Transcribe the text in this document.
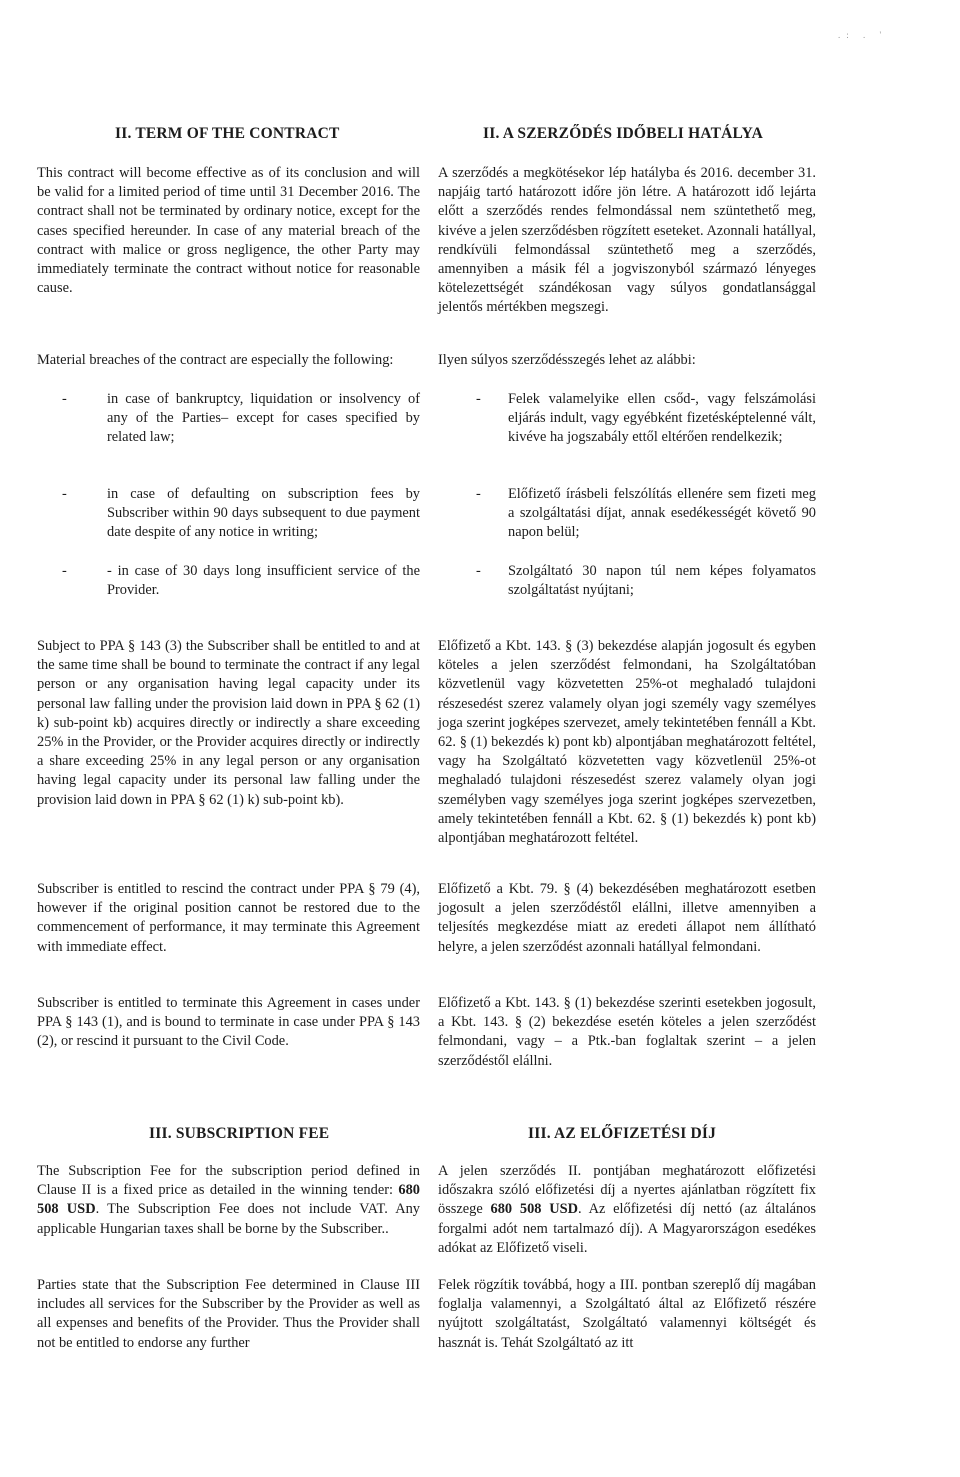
.: . '
II. TERM OF THE CONTRACT

This contract will become effective as of its conclusion and will be valid for a limited period of time until 31 December 2016. The contract shall not be terminated by ordinary notice, except for the cases specified hereunder. In case of any material breach of the contract with malice or gross negligence, the other Party may immediately terminate the contract without notice for reasonable cause.

Material breaches of the contract are especially the following:

-	in case of bankruptcy, liquidation or insolvency of any of the Parties– except for cases specified by related law;
-	in case of defaulting on subscription fees by Subscriber within 90 days subsequent to due payment date despite of any notice in writing;
-	- in case of 30 days long insufficient service of the Provider.

Subject to PPA § 143 (3) the Subscriber shall be entitled to and at the same time shall be bound to terminate the contract if any legal person or any organisation having legal capacity under its personal law falling under the provision laid down in PPA § 62 (1) k) sub-point kb) acquires directly or indirectly a share exceeding 25% in the Provider, or the Provider acquires directly or indirectly a share exceeding 25% in any legal person or any organisation having legal capacity under its personal law falling under the provision laid down in PPA § 62 (1) k) sub-point kb).

Subscriber is entitled to rescind the contract under PPA § 79 (4), however if the original position cannot be restored due to the commencement of performance, it may terminate this Agreement with immediate effect.

Subscriber is entitled to terminate this Agreement in cases under PPA § 143 (1), and is bound to terminate in case under PPA § 143 (2), or rescind it pursuant to the Civil Code.

III. SUBSCRIPTION FEE

The Subscription Fee for the subscription period defined in Clause II is a fixed price as detailed in the winning tender: 680 508 USD. The Subscription Fee does not include VAT. Any applicable Hungarian taxes shall be borne by the Subscriber..

Parties state that the Subscription Fee determined in Clause III includes all services for the Subscriber by the Provider as well as all expenses and benefits of the Provider. Thus the Provider shall not be entitled to endorse any further

II. A SZERZŐDÉS IDŐBELI HATÁLYA

A szerződés a megkötésekor lép hatályba és 2016. december 31. napjáig tartó határozott időre jön létre. A határozott idő lejárta előtt a szerződés rendes felmondással nem szüntethető meg, kivéve a jelen szerződésben rögzített eseteket. Azonnali hatállyal, rendkívüli felmondással szüntethető meg a szerződés, amennyiben a másik fél a jogviszonyból származó lényeges kötelezettségét szándékosan vagy súlyos gondatlansággal jelentős mértékben megszegi.

Ilyen súlyos szerződésszegés lehet az alábbi:

- Felek valamelyike ellen csőd-, vagy felszámolási eljárás indult, vagy egyébként fizetésképtelenné vált, kivéve ha jogszabály ettől eltérően rendelkezik;
- Előfizető írásbeli felszólítás ellenére sem fizeti meg a szolgáltatási díjat, annak esedékességét követő 90 napon belül;
- Szolgáltató 30 napon túl nem képes folyamatos szolgáltatást nyújtani;

Előfizető a Kbt. 143. § (3) bekezdése alapján jogosult és egyben köteles a jelen szerződést felmondani, ha Szolgáltatóban közvetlenül vagy közvetetten 25%-ot meghaladó tulajdoni részesedést szerez valamely olyan jogi személy vagy személyes joga szerint jogképes szervezet, amely tekintetében fennáll a Kbt. 62. § (1) bekezdés k) pont kb) alpontjában meghatározott feltétel, vagy ha Szolgáltató közvetetten vagy közvetlenül 25%-ot meghaladó tulajdoni részesedést szerez valamely olyan jogi személyben vagy személyes joga szerint jogképes szervezetben, amely tekintetében fennáll a Kbt. 62. § (1) bekezdés k) pont kb) alpontjában meghatározott feltétel.

Előfizető a Kbt. 79. § (4) bekezdésében meghatározott esetben jogosult a jelen szerződéstől elállni, illetve amennyiben a teljesítés megkezdése miatt az eredeti állapot nem állítható helyre, a jelen szerződést azonnali hatállyal felmondani.

Előfizető a Kbt. 143. § (1) bekezdése szerinti esetekben jogosult, a Kbt. 143. § (2) bekezdése esetén köteles a jelen szerződést felmondani, vagy – a Ptk.-ban foglaltak szerint – a jelen szerződéstől elállni.

III. AZ ELŐFIZETÉSI DÍJ

A jelen szerződés II. pontjában meghatározott előfizetési időszakra szóló előfizetési díj a nyertes ajánlatban rögzített fix összege 680 508 USD. Az előfizetési díj nettó (az általános forgalmi adót nem tartalmazó díj). A Magyarországon esedékes adókat az Előfizető viseli.

Felek rögzítik továbbá, hogy a III. pontban szereplő díj magában foglalja valamennyi, a Szolgáltató által az Előfizető részére nyújtott szolgáltatást, Szolgáltató valamennyi költségét és hasznát is. Tehát Szolgáltató az itt
